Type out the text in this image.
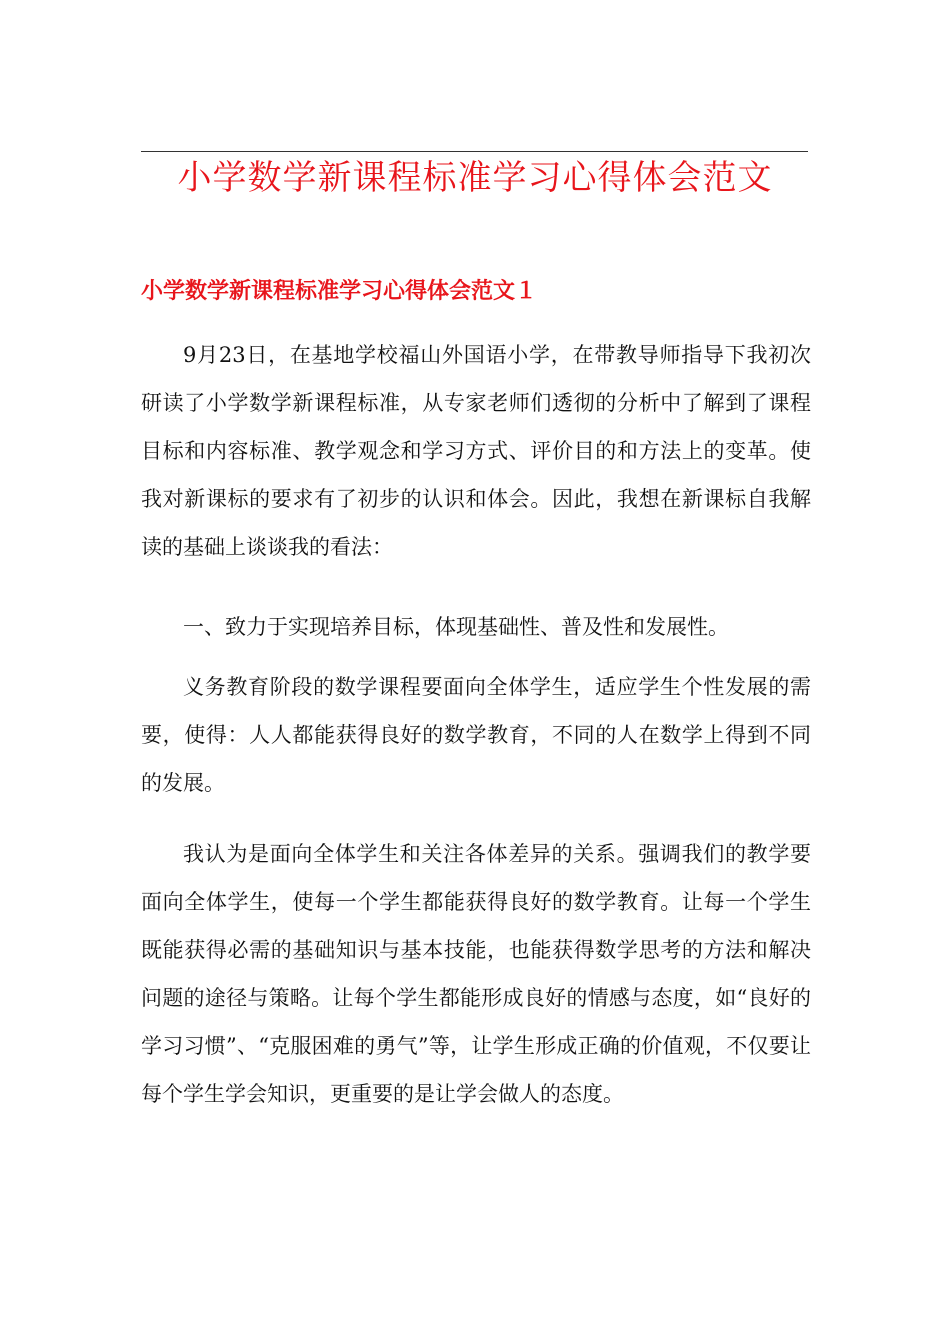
小学数学新课程标准学习心得体会范文
小学数学新课程标准学习心得体会范文１

9月23日，在基地学校福山外国语小学，在带教导师指导下我初次研读了小学数学新课程标准，从专家老师们透彻的分析中了解到了课程目标和内容标准、教学观念和学习方式、评价目的和方法上的变革。使我对新课标的要求有了初步的认识和体会。因此，我想在新课标自我解读的基础上谈谈我的看法：

一、致力于实现培养目标，体现基础性、普及性和发展性。

义务教育阶段的数学课程要面向全体学生，适应学生个性发展的需要，使得：人人都能获得良好的数学教育，不同的人在数学上得到不同的发展。

我认为是面向全体学生和关注各体差异的关系。强调我们的教学要面向全体学生，使每一个学生都能获得良好的数学教育。让每一个学生既能获得必需的基础知识与基本技能，也能获得数学思考的方法和解决问题的途径与策略。让每个学生都能形成良好的情感与态度，如“良好的学习习惯”、“克服困难的勇气”等，让学生形成正确的价值观，不仅要让每个学生学会知识，更重要的是让学会做人的态度。
